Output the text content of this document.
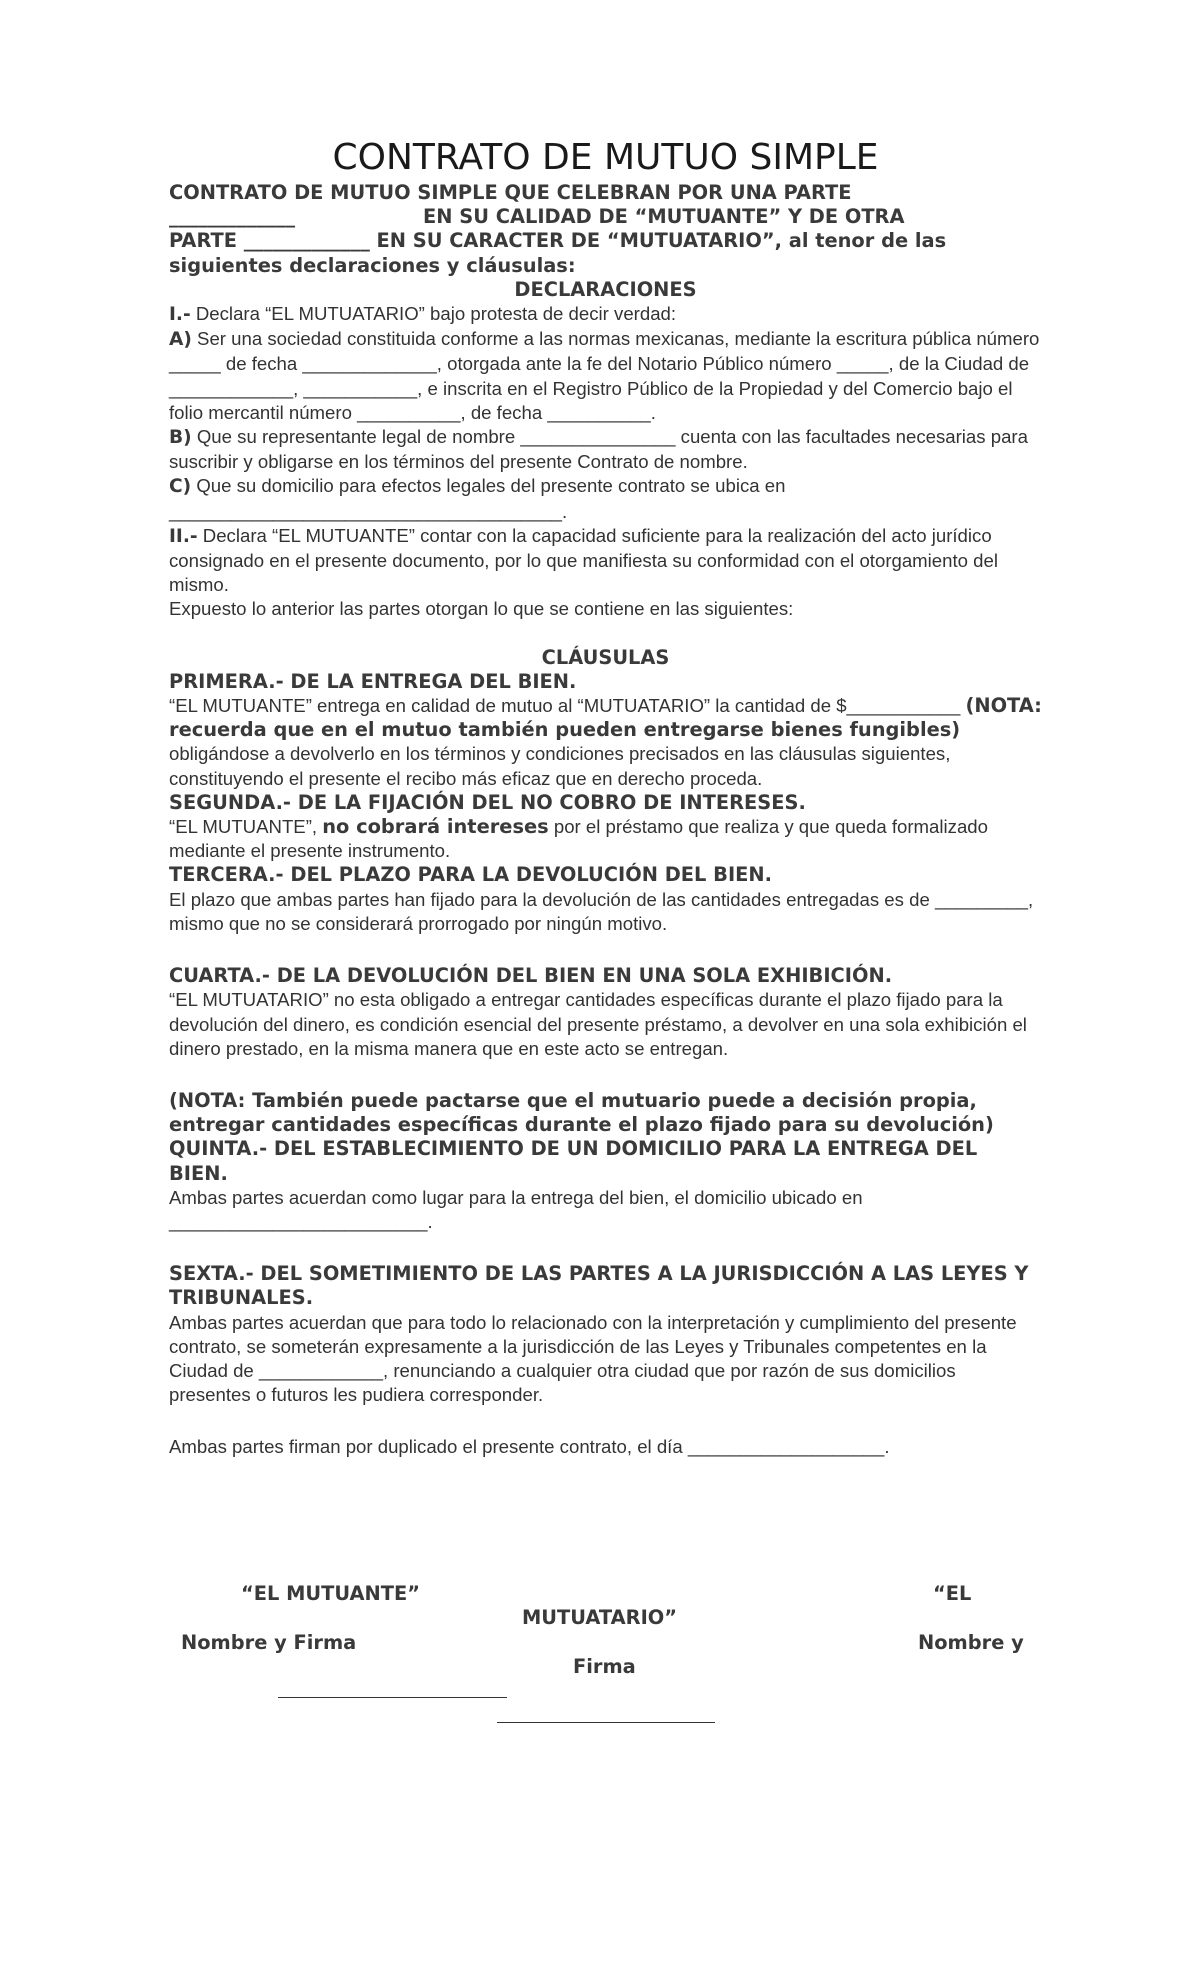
CONTRATO DE MUTUO SIMPLE
CONTRATO DE MUTUO SIMPLE QUE CELEBRAN POR UNA PARTE
_____________	EN SU CALIDAD DE “MUTUANTE” Y DE OTRA
PARTE _____________ EN SU CARACTER DE “MUTUATARIO”, al tenor de las siguientes declaraciones y cláusulas:
DECLARACIONES

I.- Declara “EL MUTUATARIO” bajo protesta de decir verdad:

A) Ser una sociedad constituida conforme a las normas mexicanas, mediante la escritura pública número _____ de fecha _____________, otorgada ante la fe del Notario Público número _____, de la Ciudad de ____________, ___________, e inscrita en el Registro Público de la Propiedad y del Comercio bajo el folio mercantil número __________, de fecha __________.

B) Que su representante legal de nombre _______________ cuenta con las facultades necesarias para suscribir y obligarse en los términos del presente Contrato de nombre.

C) Que su domicilio para efectos legales del presente contrato se ubica en ______________________________________.

II.- Declara “EL MUTUANTE” contar con la capacidad suficiente para la realización del acto jurídico consignado en el presente documento, por lo que manifiesta su conformidad con el otorgamiento del mismo.

Expuesto lo anterior las partes otorgan lo que se contiene en las siguientes:

CLÁUSULAS
PRIMERA.- DE LA ENTREGA DEL BIEN.

“EL MUTUANTE” entrega en calidad de mutuo al “MUTUATARIO” la cantidad de $___________ (NOTA: recuerda que en el mutuo también pueden entregarse bienes fungibles) obligándose a devolverlo en los términos y condiciones precisados en las cláusulas siguientes, constituyendo el presente el recibo más eficaz que en derecho proceda.

SEGUNDA.- DE LA FIJACIÓN DEL NO COBRO DE INTERESES.

“EL MUTUANTE”, no cobrará intereses por el préstamo que realiza y que queda formalizado mediante el presente instrumento.

TERCERA.- DEL PLAZO PARA LA DEVOLUCIÓN DEL BIEN.

El plazo que ambas partes han fijado para la devolución de las cantidades entregadas es de _________, mismo que no se considerará prorrogado por ningún motivo.

CUARTA.- DE LA DEVOLUCIÓN DEL BIEN EN UNA SOLA EXHIBICIÓN.

“EL MUTUATARIO” no esta obligado a entregar cantidades específicas durante el plazo fijado para la devolución del dinero, es condición esencial del presente préstamo, a devolver en una sola exhibición el dinero prestado, en la misma manera que en este acto se entregan.

(NOTA: También puede pactarse que el mutuario puede a decisión propia, entregar cantidades específicas durante el plazo fijado para su devolución)
QUINTA.- DEL ESTABLECIMIENTO DE UN DOMICILIO PARA LA ENTREGA DEL BIEN.

Ambas partes acuerdan como lugar para la entrega del bien, el domicilio ubicado en _________________________.

SEXTA.- DEL SOMETIMIENTO DE LAS PARTES A LA JURISDICCIÓN A LAS LEYES Y TRIBUNALES.

Ambas partes acuerdan que para todo lo relacionado con la interpretación y cumplimiento del presente contrato, se someterán expresamente a la jurisdicción de las Leyes y Tribunales competentes en la Ciudad de ____________, renunciando a cualquier otra ciudad que por razón de sus domicilios presentes o futuros les pudiera corresponder.

Ambas partes firman por duplicado el presente contrato, el día ___________________.

“EL MUTUANTE”	“EL
MUTUATARIO”
Nombre y Firma	Nombre y
Firma
